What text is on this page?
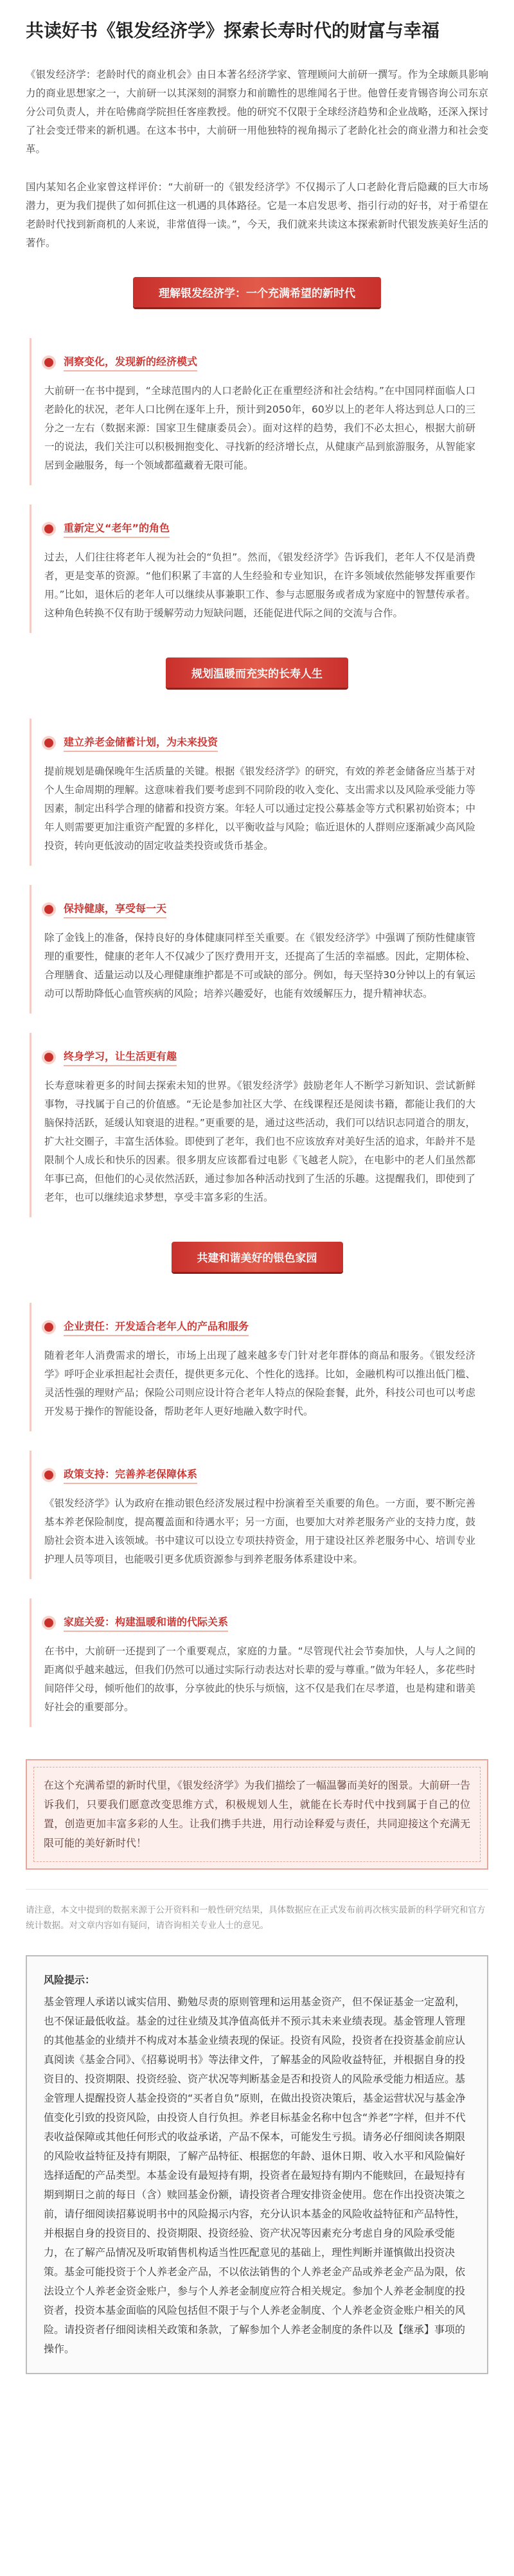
共读好书《银发经济学》探索长寿时代的财富与幸福

《银发经济学：老龄时代的商业机会》由日本著名经济学家、管理顾问大前研一撰写。作为全球颇具影响力的商业思想家之一，大前研一以其深刻的洞察力和前瞻性的思维闻名于世。他曾任麦肯锡咨询公司东京分公司负责人，并在哈佛商学院担任客座教授。他的研究不仅限于全球经济趋势和企业战略，还深入探讨了社会变迁带来的新机遇。在这本书中，大前研一用他独特的视角揭示了老龄化社会的商业潜力和社会变革。

国内某知名企业家曾这样评价：“大前研一的《银发经济学》不仅揭示了人口老龄化背后隐藏的巨大市场潜力，更为我们提供了如何抓住这一机遇的具体路径。它是一本启发思考、指引行动的好书，对于希望在老龄时代找到新商机的人来说，非常值得一读。”，今天，我们就来共读这本探索新时代银发族美好生活的著作。

理解银发经济学：一个充满希望的新时代
洞察变化，发现新的经济模式

大前研一在书中提到，“全球范围内的人口老龄化正在重塑经济和社会结构。”在中国同样面临人口老龄化的状况，老年人口比例在逐年上升，预计到2050年，60岁以上的老年人将达到总人口的三分之一左右（数据来源：国家卫生健康委员会）。面对这样的趋势，我们不必太担心，根据大前研一的说法，我们关注可以积极拥抱变化、寻找新的经济增长点，从健康产品到旅游服务，从智能家居到金融服务，每一个领域都蕴藏着无限可能。

重新定义“老年”的角色

过去，人们往往将老年人视为社会的“负担”。然而，《银发经济学》告诉我们，老年人不仅是消费者，更是变革的资源。“他们积累了丰富的人生经验和专业知识，在许多领域依然能够发挥重要作用。”比如，退休后的老年人可以继续从事兼职工作、参与志愿服务或者成为家庭中的智慧传承者。这种角色转换不仅有助于缓解劳动力短缺问题，还能促进代际之间的交流与合作。

规划温暖而充实的长寿人生
建立养老金储蓄计划，为未来投资

提前规划是确保晚年生活质量的关键。根据《银发经济学》的研究，有效的养老金储备应当基于对个人生命周期的理解。这意味着我们要考虑到不同阶段的收入变化、支出需求以及风险承受能力等因素，制定出科学合理的储蓄和投资方案。年轻人可以通过定投公募基金等方式积累初始资本；中年人则需要更加注重资产配置的多样化，以平衡收益与风险；临近退休的人群则应逐渐减少高风险投资，转向更低波动的固定收益类投资或货币基金。

保持健康，享受每一天

除了金钱上的准备，保持良好的身体健康同样至关重要。在《银发经济学》中强调了预防性健康管理的重要性，健康的老年人不仅减少了医疗费用开支，还提高了生活的幸福感。因此，定期体检、合理膳食、适量运动以及心理健康维护都是不可或缺的部分。例如，每天坚持30分钟以上的有氧运动可以帮助降低心血管疾病的风险；培养兴趣爱好，也能有效缓解压力，提升精神状态。

终身学习，让生活更有趣

长寿意味着更多的时间去探索未知的世界。《银发经济学》鼓励老年人不断学习新知识、尝试新鲜事物，寻找属于自己的价值感。“无论是参加社区大学、在线课程还是阅读书籍，都能让我们的大脑保持活跃，延缓认知衰退的进程。”更重要的是，通过这些活动，我们可以结识志同道合的朋友，扩大社交圈子，丰富生活体验。即使到了老年，我们也不应该放弃对美好生活的追求，年龄并不是限制个人成长和快乐的因素。很多朋友应该都看过电影《飞越老人院》，在电影中的老人们虽然都年事已高，但他们的心灵依然活跃，通过参加各种活动找到了生活的乐趣。这提醒我们，即使到了老年，也可以继续追求梦想，享受丰富多彩的生活。

共建和谐美好的银色家园
企业责任：开发适合老年人的产品和服务

随着老年人消费需求的增长，市场上出现了越来越多专门针对老年群体的商品和服务。《银发经济学》呼吁企业承担起社会责任，提供更多元化、个性化的选择。比如，金融机构可以推出低门槛、灵活性强的理财产品；保险公司则应设计符合老年人特点的保险套餐，此外，科技公司也可以考虑开发易于操作的智能设备，帮助老年人更好地融入数字时代。

政策支持：完善养老保障体系

《银发经济学》认为政府在推动银色经济发展过程中扮演着至关重要的角色。一方面，要不断完善基本养老保险制度，提高覆盖面和待遇水平；另一方面，也要加大对养老服务产业的支持力度，鼓励社会资本进入该领域。书中建议可以设立专项扶持资金，用于建设社区养老服务中心、培训专业护理人员等项目，也能吸引更多优质资源参与到养老服务体系建设中来。

家庭关爱：构建温暖和谐的代际关系

在书中，大前研一还提到了一个重要观点，家庭的力量。“尽管现代社会节奏加快，人与人之间的距离似乎越来越远，但我们仍然可以通过实际行动表达对长辈的爱与尊重。”做为年轻人，多花些时间陪伴父母，倾听他们的故事，分享彼此的快乐与烦恼，这不仅是我们在尽孝道，也是构建和谐美好社会的重要部分。

在这个充满希望的新时代里，《银发经济学》为我们描绘了一幅温馨而美好的图景。大前研一告诉我们，只要我们愿意改变思维方式，积极规划人生，就能在长寿时代中找到属于自己的位置，创造更加丰富多彩的人生。让我们携手共进，用行动诠释爱与责任，共同迎接这个充满无限可能的美好新时代！

请注意，本文中提到的数据来源于公开资料和一般性研究结果，具体数据应在正式发布前再次核实最新的科学研究和官方统计数据。对文章内容如有疑问，请咨询相关专业人士的意见。

风险提示：
基金管理人承诺以诚实信用、勤勉尽责的原则管理和运用基金资产，但不保证基金一定盈利，也不保证最低收益。基金的过往业绩及其净值高低并不预示其未来业绩表现。基金管理人管理的其他基金的业绩并不构成对本基金业绩表现的保证。投资有风险，投资者在投资基金前应认真阅读《基金合同》、《招募说明书》等法律文件，了解基金的风险收益特征，并根据自身的投资目的、投资期限、投资经验、资产状况等判断基金是否和投资人的风险承受能力相适应。基金管理人提醒投资人基金投资的“买者自负”原则，在做出投资决策后，基金运营状况与基金净值变化引致的投资风险，由投资人自行负担。养老目标基金名称中包含“养老”字样，但并不代表收益保障或其他任何形式的收益承诺，产品不保本，可能发生亏损。请务必仔细阅读各期限的风险收益特征及持有期限，了解产品特征、根据您的年龄、退休日期、收入水平和风险偏好选择适配的产品类型。本基金设有最短持有期，投资者在最短持有期内不能赎回，在最短持有期到期日之前的每日（含）赎回基金份额，请投资者合理安排资金使用。您在作出投资决策之前，请仔细阅读招募说明书中的风险揭示内容，充分认识本基金的风险收益特征和产品特性，并根据自身的投资目的、投资期限、投资经验、资产状况等因素充分考虑自身的风险承受能力，在了解产品情况及听取销售机构适当性匹配意见的基础上，理性判断并谨慎做出投资决策。基金可能投资于个人养老金产品，不以依法销售的个人养老金产品或养老金产品为限，依法设立个人养老金资金账户，参与个人养老金制度应符合相关规定。参加个人养老金制度的投资者，投资本基金面临的风险包括但不限于与个人养老金制度、个人养老金资金账户相关的风险。请投资者仔细阅读相关政策和条款，了解参加个人养老金制度的条件以及【继承】事项的操作。
